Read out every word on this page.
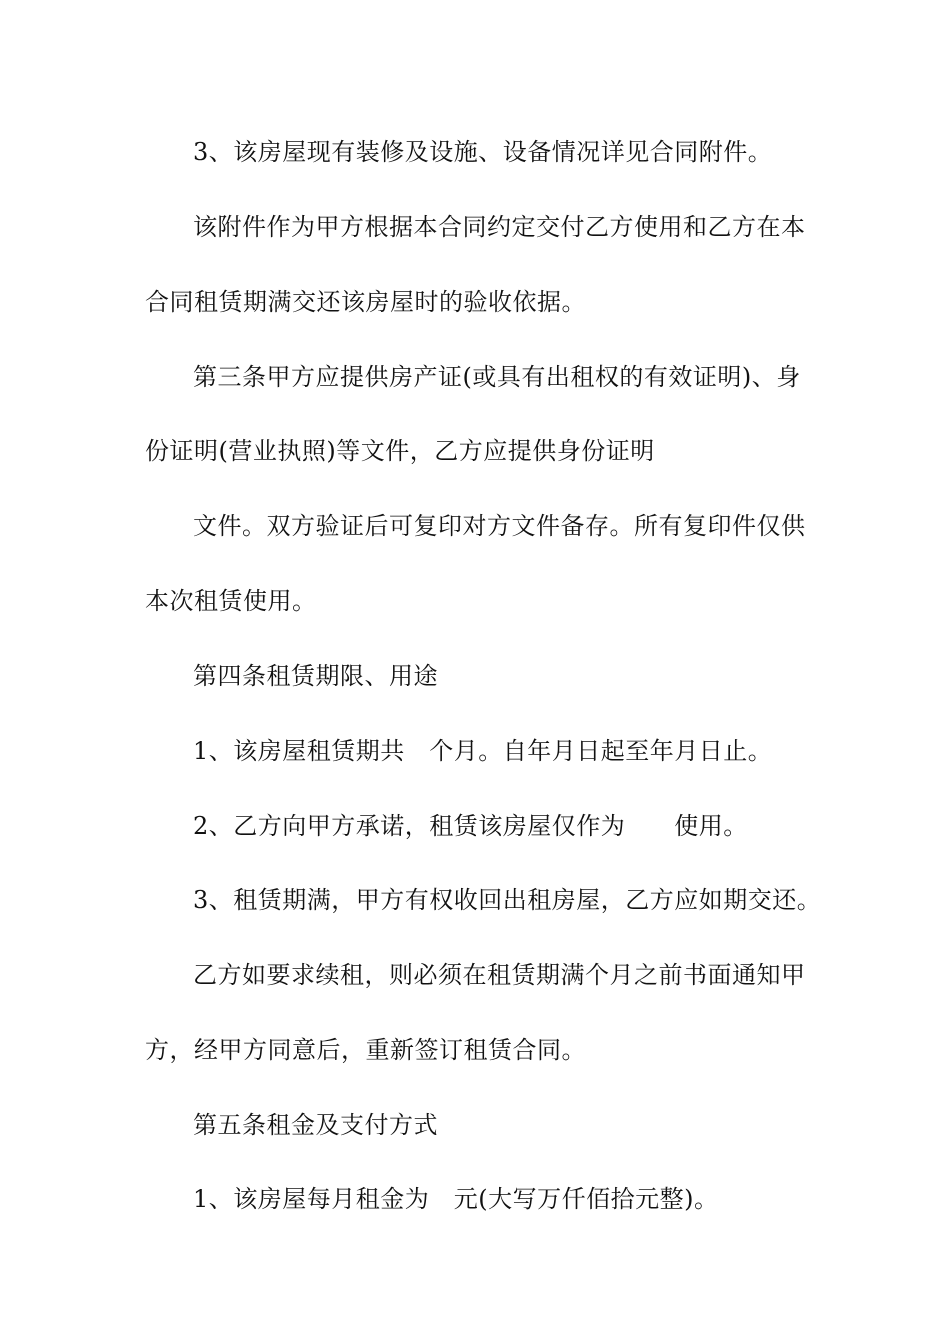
3、该房屋现有装修及设施、设备情况详见合同附件。
该附件作为甲方根据本合同约定交付乙方使用和乙方在本
合同租赁期满交还该房屋时的验收依据。
第三条甲方应提供房产证(或具有出租权的有效证明)、身
份证明(营业执照)等文件，乙方应提供身份证明
文件。双方验证后可复印对方文件备存。所有复印件仅供
本次租赁使用。
第四条租赁期限、用途
1、该房屋租赁期共　个月。自年月日起至年月日止。
2、乙方向甲方承诺，租赁该房屋仅作为　　使用。
3、租赁期满，甲方有权收回出租房屋，乙方应如期交还。
乙方如要求续租，则必须在租赁期满个月之前书面通知甲
方，经甲方同意后，重新签订租赁合同。
第五条租金及支付方式
1、该房屋每月租金为　元(大写万仟佰拾元整)。
